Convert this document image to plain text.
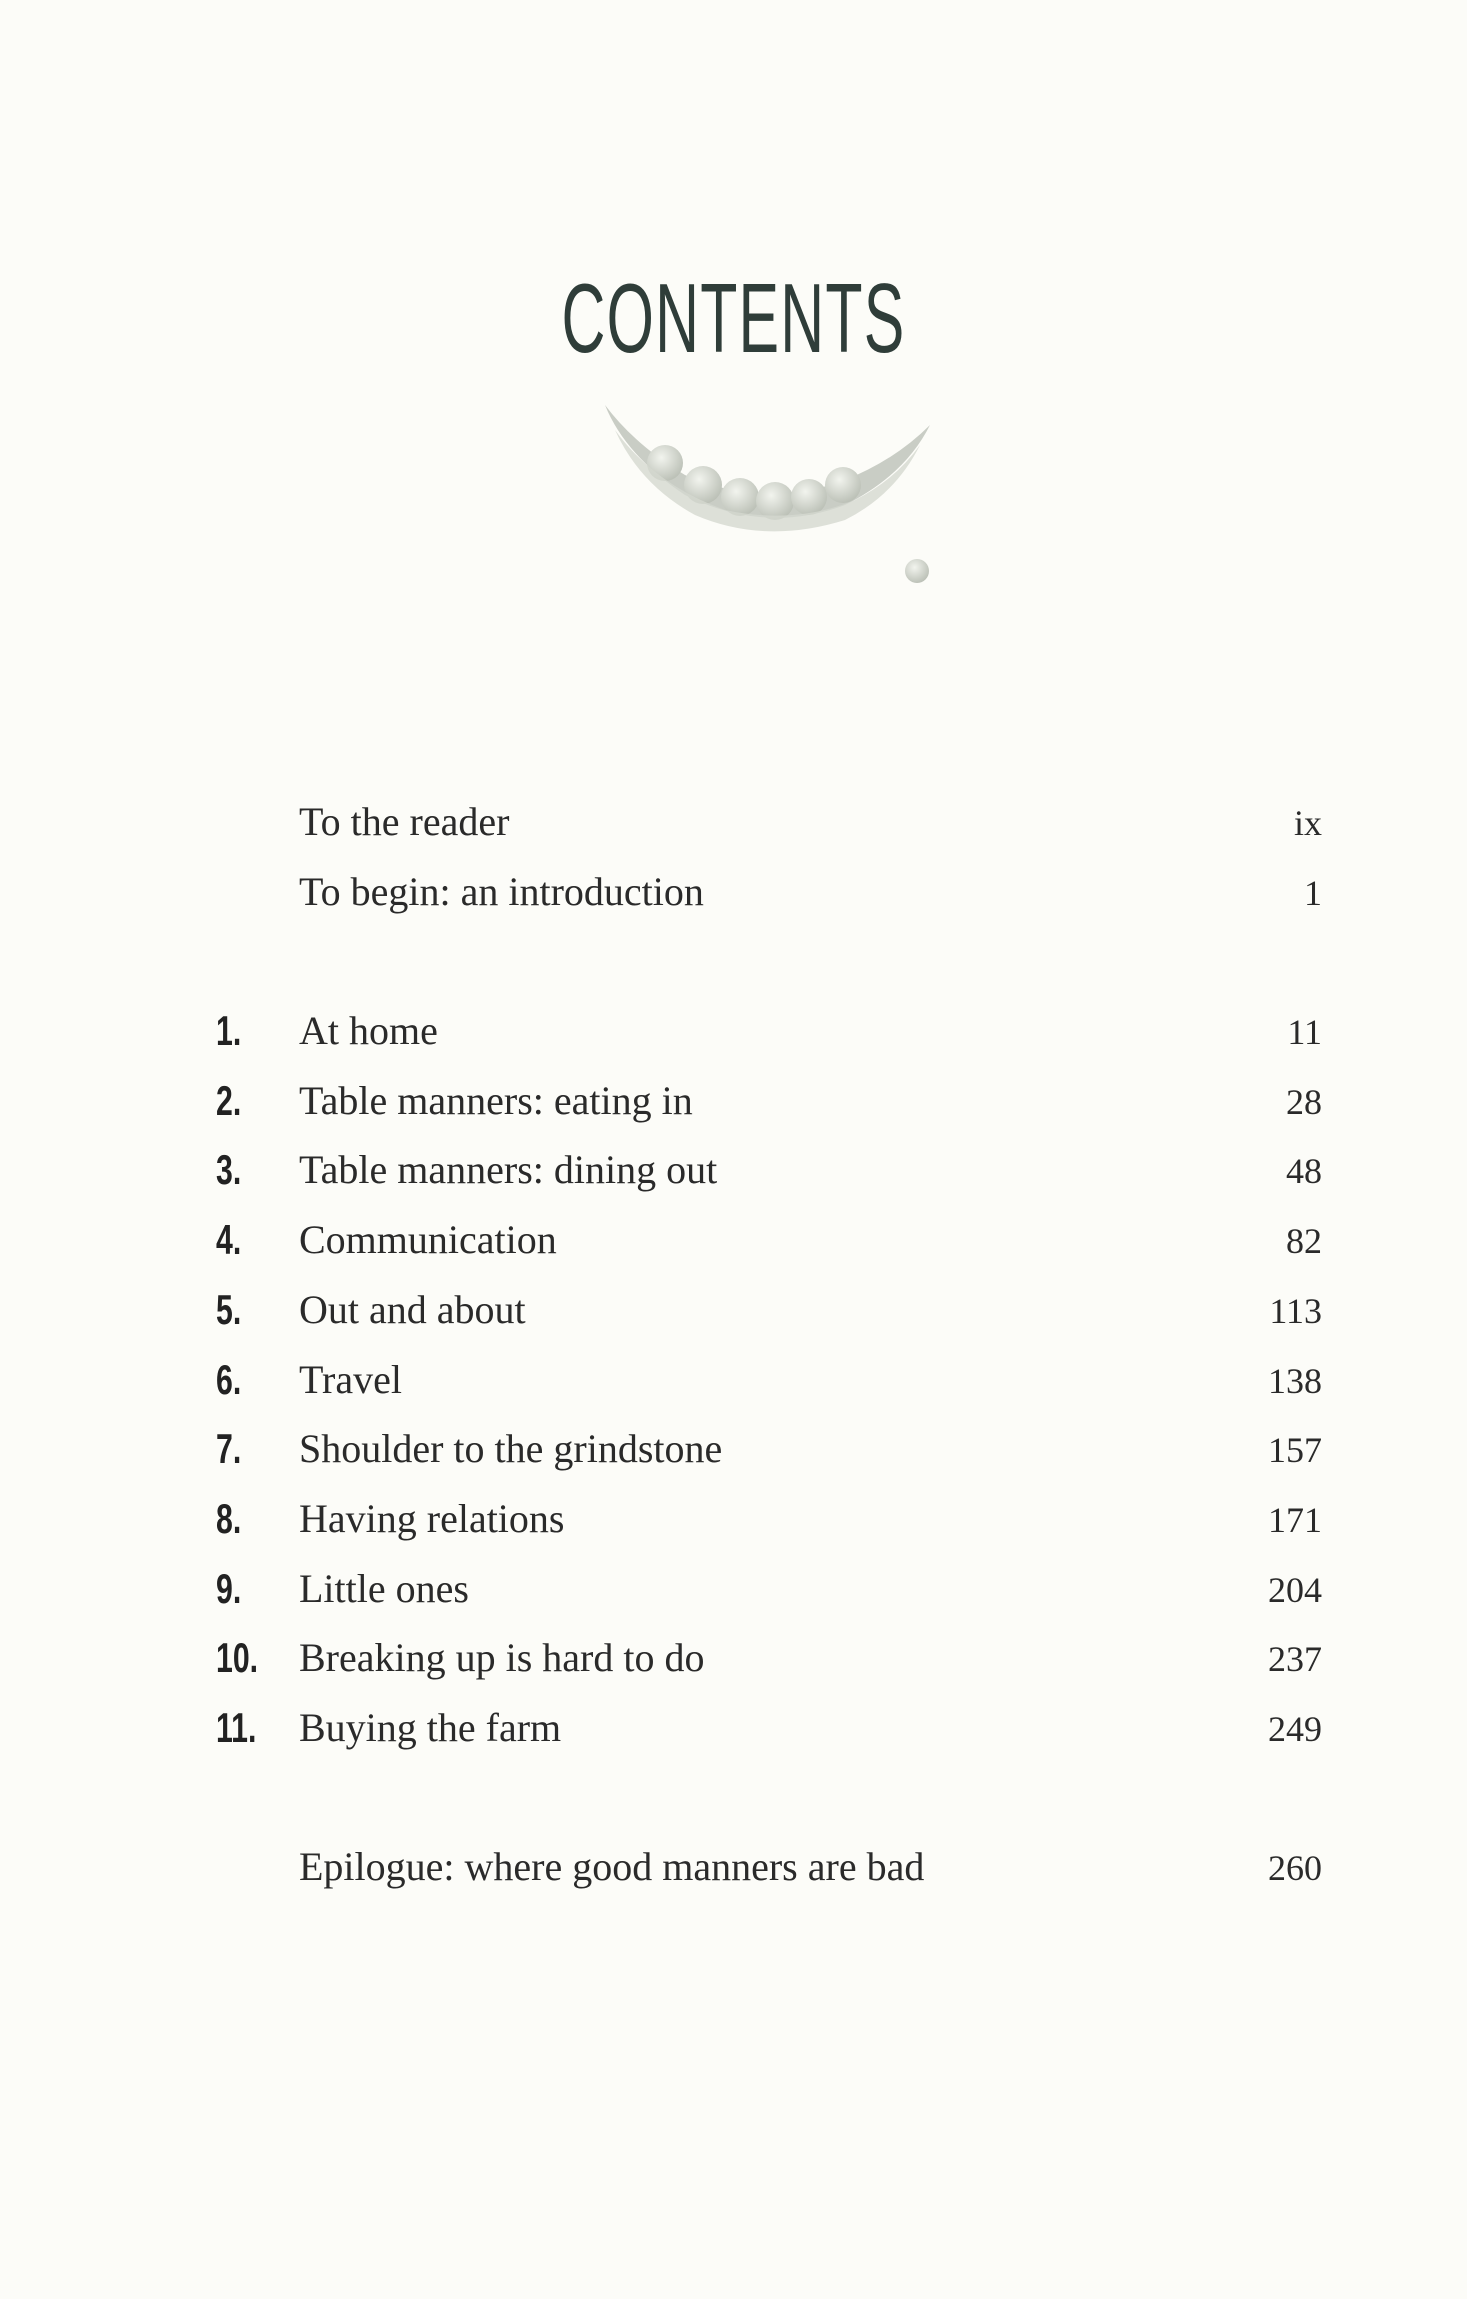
CONTENTS
To the reader	ix
To begin: an introduction	1
1. At home	11
2. Table manners: eating in	28
3. Table manners: dining out	48
4. Communication	82
5. Out and about	113
6. Travel	138
7. Shoulder to the grindstone	157
8. Having relations	171
9. Little ones	204
10. Breaking up is hard to do	237
11. Buying the farm	249
Epilogue: where good manners are bad	260
